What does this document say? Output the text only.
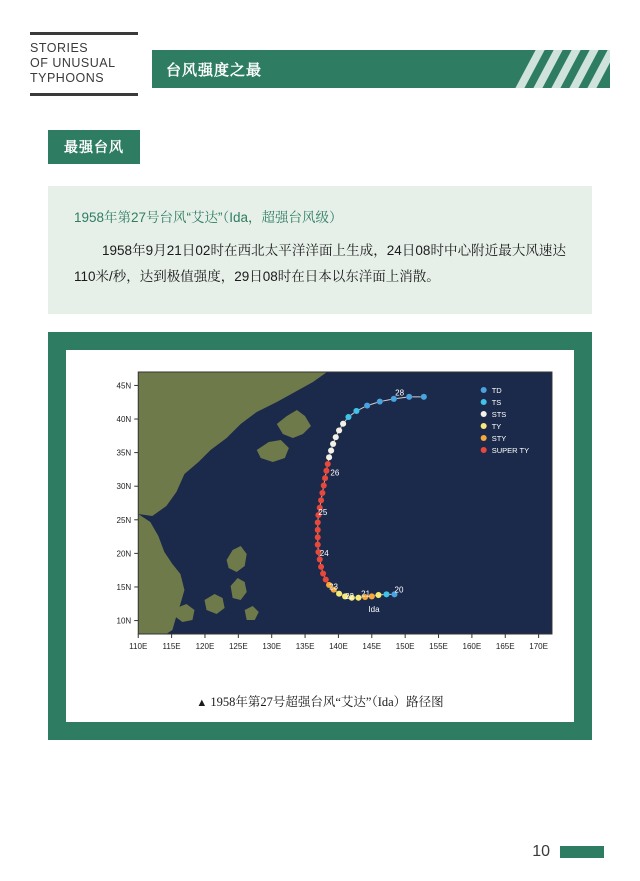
STORIES
OF UNUSUAL
TYPHOONS	台风强度之最
最强台风
1958年第27号台风“艾达”（Ida，超强台风级）
1958年9月21日02时在西北太平洋洋面上生成，24日08时中心附近最大风速达110米/秒，达到极值强度，29日08时在日本以东洋面上消散。
28
26
25
24
23
22 21	20
Ida
TD
TS
STS
TY
STY
SUPER TY
110E 115E 120E 125E 130E 135E 140E 145E 150E 155E 160E 165E 170E
10N
15N
20N
25N
30N
35N
40N
45N
▲ 1958年第27号超强台风“艾达”（Ida）路径图
10
